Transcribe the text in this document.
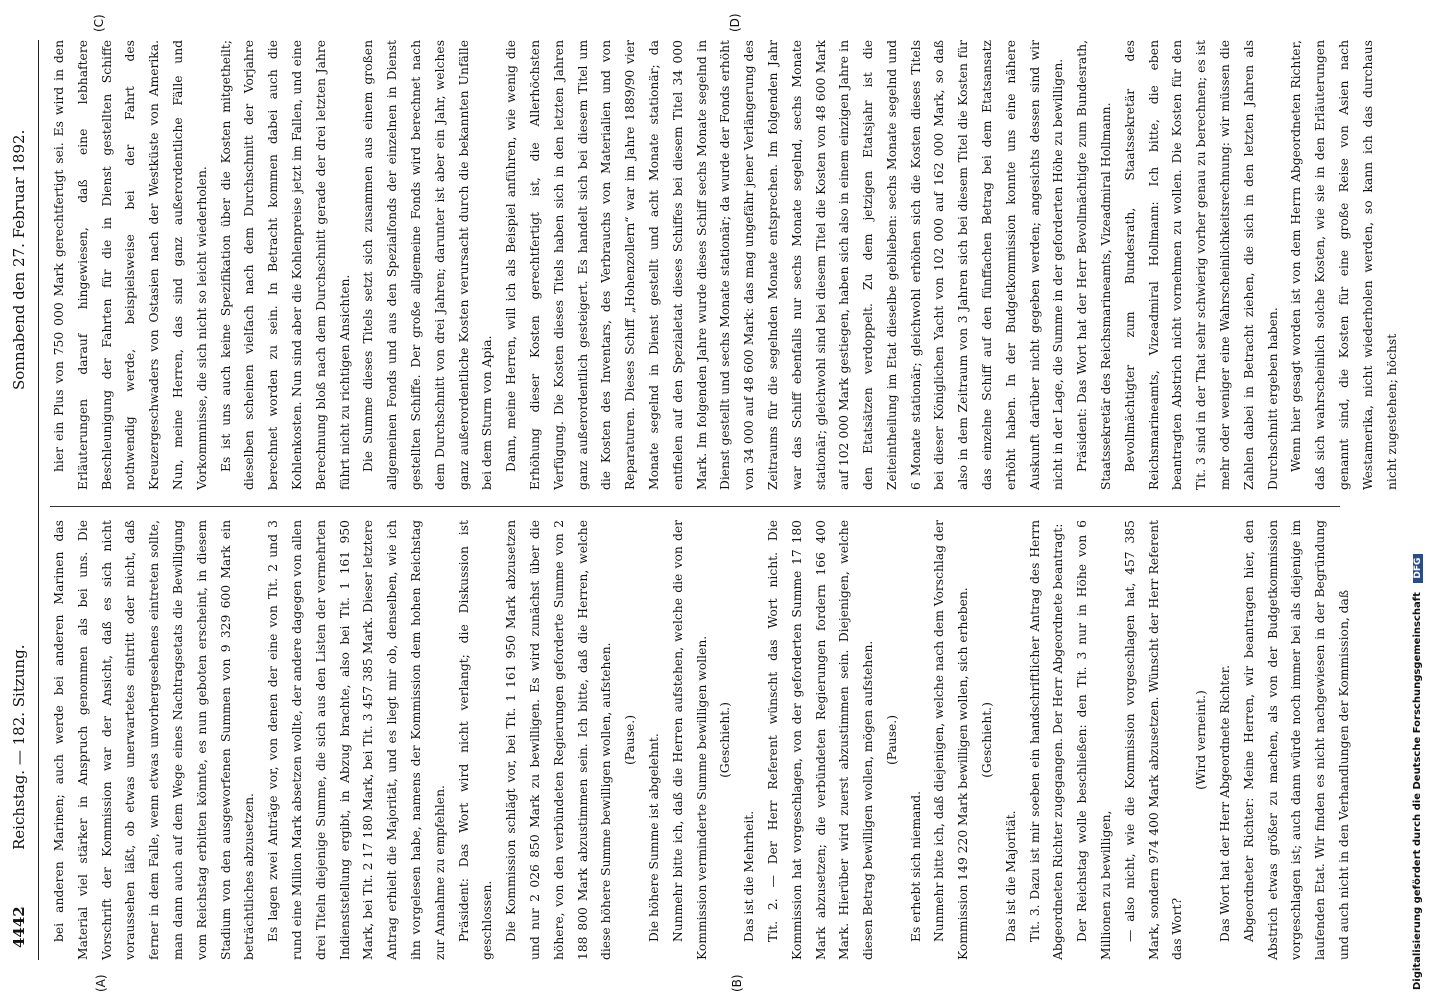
4442
Reichstag. — 182. Sitzung.
Sonnabend den 27. Februar 1892.
(A)	(B)
(C)	(D)

bei anderen Marinen; auch werde bei anderen Marinen das Material viel stärker in Anspruch genommen als bei uns. Die Vorschrift der Kommission war der Ansicht, daß es sich nicht voraussehen läßt, ob etwas unerwartetes eintritt oder nicht, daß ferner in dem Falle, wenn etwas unvorhergesehenes eintreten sollte, man dann auch auf dem Wege eines Nachtragsetats die Bewilligung vom Reichstag erbitten könnte, es nun geboten erscheint, in diesem Stadium von den ausgeworfenen Summen von 9 329 600 Mark ein beträchtliches abzusetzen. Es lagen zwei Anträge vor, von denen der eine von Tit. 2 und 3 rund eine Million Mark absetzen wollte, der andere dagegen von allen drei Titeln diejenige Summe, die sich aus den Listen der vermehrten Indienststellung ergibt, in Abzug brachte, also bei Tit. 1 161 950 Mark, bei Tit. 2 17 180 Mark, bei Tit. 3 457 385 Mark. Dieser letztere Antrag erhielt die Majorität, und es liegt mir ob, denselben, wie ich ihn vorgelesen habe, namens der Kommission dem hohen Reichstag zur Annahme zu empfehlen. Präsident: Das Wort wird nicht verlangt; die Diskussion ist geschlossen. Die Kommission schlägt vor, bei Tit. 1 161 950 Mark abzusetzen und nur 2 026 850 Mark zu bewilligen. Es wird zunächst über die höhere, von den verbündeten Regierungen geforderte Summe von 2 188 800 Mark abzustimmen sein. Ich bitte, daß die Herren, welche diese höhere Summe bewilligen wollen, aufstehen. (Pause.) Die höhere Summe ist abgelehnt. Nunmehr bitte ich, daß die Herren aufstehen, welche die von der Kommission verminderte Summe bewilligen wollen. (Geschieht.)

Das ist die Mehrheit. Tit. 2. — Der Herr Referent wünscht das Wort nicht. Die Kommission hat vorgeschlagen, von der geforderten Summe 17 180 Mark abzusetzen; die verbündeten Regierungen fordern 166 400 Mark. Hierüber wird zuerst abzustimmen sein. Diejenigen, welche diesen Betrag bewilligen wollen, mögen aufstehen. (Pause.)

Es erhebt sich niemand. Nunmehr bitte ich, daß diejenigen, welche nach dem Vorschlag der Kommission 149 220 Mark bewilligen wollen, sich erheben. (Geschieht.)

Das ist die Majorität. Tit. 3. Dazu ist mir soeben ein handschriftlicher Antrag des Herrn Abgeordneten Richter zugegangen. Der Herr Abgeordnete beantragt: Der Reichstag wolle beschließen: den Tit. 3 nur in Höhe von 6 Millionen zu bewilligen, — also nicht, wie die Kommission vorgeschlagen hat, 457 385 Mark, sondern 974 400 Mark abzusetzen. Wünscht der Herr Referent das Wort?

(Wird verneint.) Das Wort hat der Herr Abgeordnete Richter. Abgeordneter Richter: Meine Herren, wir beantragen hier, den Abstrich etwas größer zu machen, als von der Budgetkommission vorgeschlagen ist; auch dann würde noch immer bei als diejenige im laufenden Etat. Wir finden es nicht nachgewiesen in der Begründung und auch nicht in den Verhandlungen der Kommission, daß

hier ein Plus von 750 000 Mark gerechtfertigt sei. Es wird in den Erläuterungen darauf hingewiesen, daß eine lebhaftere Beschleunigung der Fahrten für die in Dienst gestellten Schiffe nothwendig werde, beispielsweise bei der Fahrt des Kreuzergeschwaders von Ostasien nach der Westküste von Amerika. Nun, meine Herren, das sind ganz außerordentliche Fälle und Vorkommnisse, die sich nicht so leicht wiederholen. Es ist uns auch keine Spezifikation über die Kosten mitgetheilt; dieselben scheinen vielfach nach dem Durchschnitt der Vorjahre berechnet worden zu sein. In Betracht kommen dabei auch die Kohlenkosten. Nun sind aber die Kohlenpreise jetzt im Fallen, und eine Berechnung bloß nach dem Durchschnitt gerade der drei letzten Jahre führt nicht zu richtigen Ansichten. Die Summe dieses Titels setzt sich zusammen aus einem großen allgemeinen Fonds und aus den Spezialfonds der einzelnen in Dienst gestellten Schiffe. Der große allgemeine Fonds wird berechnet nach dem Durchschnitt von drei Jahren; darunter ist aber ein Jahr, welches ganz außerordentliche Kosten verursacht durch die bekannten Unfälle bei dem Sturm von Apia. Dann, meine Herren, will ich als Beispiel anführen, wie wenig die Erhöhung dieser Kosten gerechtfertigt ist, die Allerhöchsten Verfügung. Die Kosten dieses Titels haben sich in den letzten Jahren ganz außerordentlich gesteigert. Es handelt sich bei diesem Titel um die Kosten des Inventars, des Verbrauchs von Materialien und von Reparaturen. Dieses Schiff „Hohenzollern“ war im Jahre 1889/90 vier Monate segelnd in Dienst gestellt und acht Monate stationär; da entfielen auf den Spezialetat dieses Schiffes bei diesem Titel 34 000 Mark. Im folgenden Jahre wurde dieses Schiff sechs Monate segelnd in Dienst gestellt und sechs Monate stationär; da wurde der Fonds erhöht von 34 000 auf 48 600 Mark: das mag ungefähr jener Verlängerung des Zeitraums für die segelnden Monate entsprechen. Im folgenden Jahr war das Schiff ebenfalls nur sechs Monate segelnd, sechs Monate stationär; gleichwohl sind bei diesem Titel die Kosten von 48 600 Mark auf 102 000 Mark gestiegen, haben sich also in einem einzigen Jahre in den Etatsätzen verdoppelt. Zu dem jetzigen Etatsjahr ist die Zeiteintheilung im Etat dieselbe geblieben: sechs Monate segelnd und 6 Monate stationär; gleichwohl erhöhen sich die Kosten dieses Titels bei dieser Königlichen Yacht von 102 000 auf 162 000 Mark, so daß also in dem Zeitraum von 3 Jahren sich bei diesem Titel die Kosten für das einzelne Schiff auf den fünffachen Betrag bei dem Etatsansatz erhöht haben. In der Budgetkommission konnte uns eine nähere Auskunft darüber nicht gegeben werden; angesichts dessen sind wir nicht in der Lage, die Summe in der geforderten Höhe zu bewilligen. Präsident: Das Wort hat der Herr Bevollmächtigte zum Bundesrath, Staatssekretär des Reichsmarineamts, Vizeadmiral Hollmann. Bevollmächtigter zum Bundesrath, Staatssekretär des Reichsmarineamts, Vizeadmiral Hollmann: Ich bitte, die eben beantragten Abstrich nicht vornehmen zu wollen. Die Kosten für den Tit. 3 sind in der That sehr schwierig vorher genau zu berechnen; es ist mehr oder weniger eine Wahrscheinlichkeitsrechnung: wir müssen die Zahlen dabei in Betracht ziehen, die sich in den letzten Jahren als Durchschnitt ergeben haben. Wenn hier gesagt worden ist von dem Herrn Abgeordneten Richter, daß sich wahrscheinlich solche Kosten, wie sie in den Erläuterungen genannt sind, die Kosten für eine große Reise von Asien nach Westamerika, nicht wiederholen werden, so kann ich das durchaus nicht zugestehen; höchst

Digitalisierung gefördert durch die Deutsche Forschungsgemeinschaft DFG
